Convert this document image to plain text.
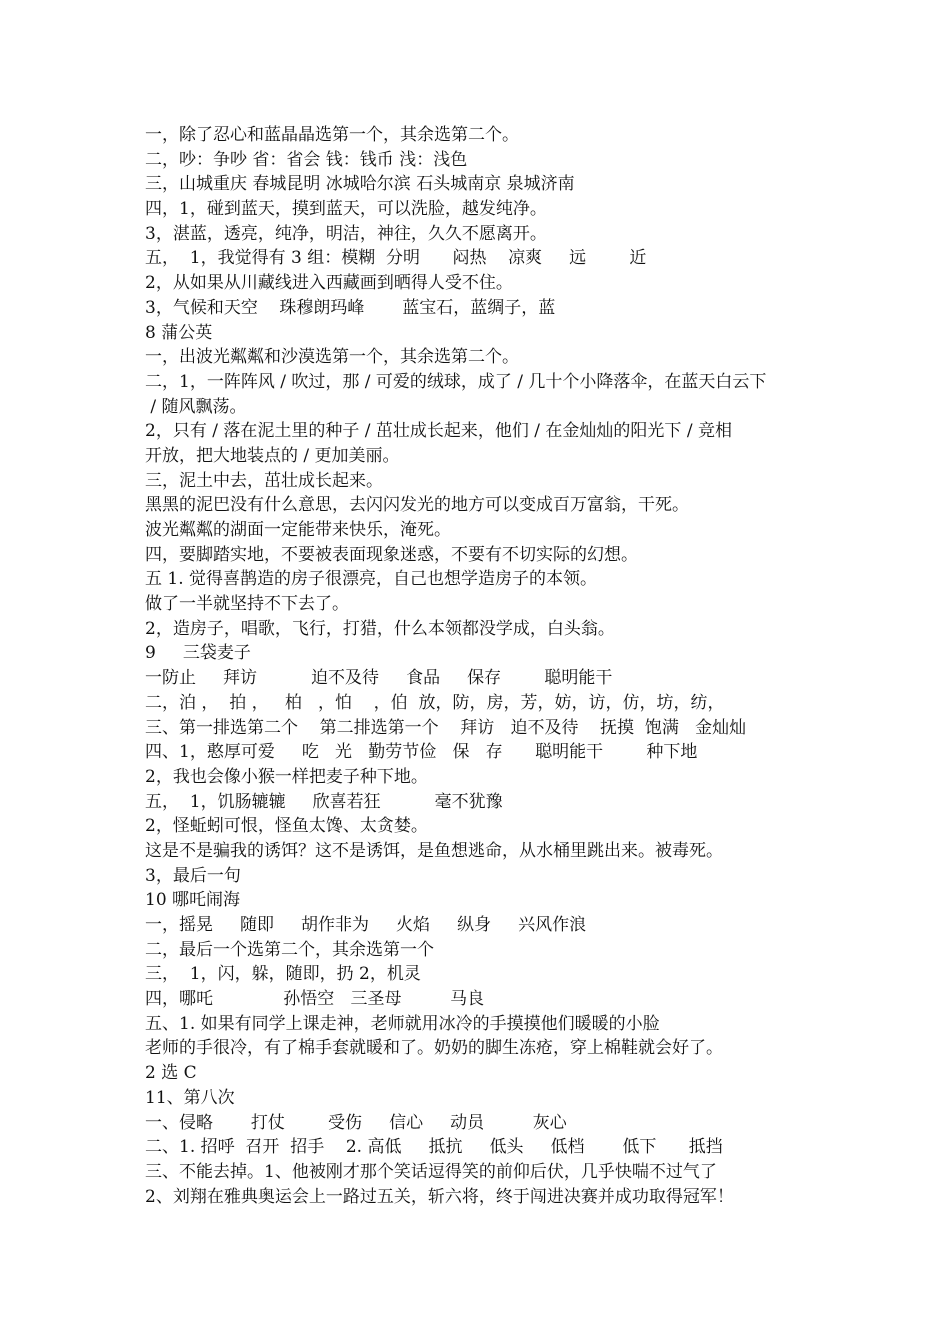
一，除了忍心和蓝晶晶选第一个，其余选第二个。
二，吵：争吵 省：省会 钱：钱币 浅：浅色
三，山城重庆 春城昆明 冰城哈尔滨 石头城南京 泉城济南
四，1，碰到蓝天，摸到蓝天，可以洗脸，越发纯净。
3，湛蓝，透亮，纯净，明洁，神往，久久不愿离开。
五，  1，我觉得有 3 组：模糊  分明      闷热    凉爽     远        近
2，从如果从川藏线进入西藏画到晒得人受不住。
3，气候和天空    珠穆朗玛峰       蓝宝石，蓝绸子，蓝
8 蒲公英
一，出波光粼粼和沙漠选第一个，其余选第二个。
二，1，一阵阵风 / 吹过，那 / 可爱的绒球，成了 / 几十个小降落伞，在蓝天白云下
/ 随风飘荡。
2，只有 / 落在泥土里的种子 / 茁壮成长起来，他们 / 在金灿灿的阳光下 / 竞相
开放，把大地装点的 / 更加美丽。
三，泥土中去，茁壮成长起来。
黑黑的泥巴没有什么意思，去闪闪发光的地方可以变成百万富翁，干死。
波光粼粼的湖面一定能带来快乐，淹死。
四，要脚踏实地，不要被表面现象迷惑，不要有不切实际的幻想。
五 1. 觉得喜鹊造的房子很漂亮，自己也想学造房子的本领。
做了一半就坚持不下去了。
2，造房子，唱歌，飞行，打猎，什么本领都没学成，白头翁。
9     三袋麦子
一防止     拜访          迫不及待     食品     保存        聪明能干
二，泊 ，  拍 ，   柏   ，怕    ，伯  放，防，房，芳，妨，访，仿，坊，纺，
三、第一排选第二个    第二排选第一个    拜访   迫不及待    抚摸  饱满   金灿灿
四、1，憨厚可爱     吃   光   勤劳节俭   保   存      聪明能干        种下地
2，我也会像小猴一样把麦子种下地。
五，  1，饥肠辘辘     欣喜若狂          毫不犹豫
2，怪蚯蚓可恨，怪鱼太馋、太贪婪。
这是不是骗我的诱饵？这不是诱饵，是鱼想逃命，从水桶里跳出来。被毒死。
3，最后一句
10 哪吒闹海
一，摇晃     随即     胡作非为     火焰     纵身     兴风作浪
二，最后一个选第二个，其余选第一个
三，  1，闪，躲，随即，扔 2，机灵
四，哪吒             孙悟空   三圣母         马良
五、1. 如果有同学上课走神，老师就用冰冷的手摸摸他们暖暖的小脸
老师的手很冷，有了棉手套就暖和了。奶奶的脚生冻疮，穿上棉鞋就会好了。
2 选 C
11、第八次
一、侵略       打仗        受伤     信心     动员         灰心
二、1. 招呼  召开  招手    2. 高低     抵抗     低头     低档       低下      抵挡
三、不能去掉。1、他被刚才那个笑话逗得笑的前仰后伏，几乎快喘不过气了
2、刘翔在雅典奥运会上一路过五关，斩六将，终于闯进决赛并成功取得冠军！
